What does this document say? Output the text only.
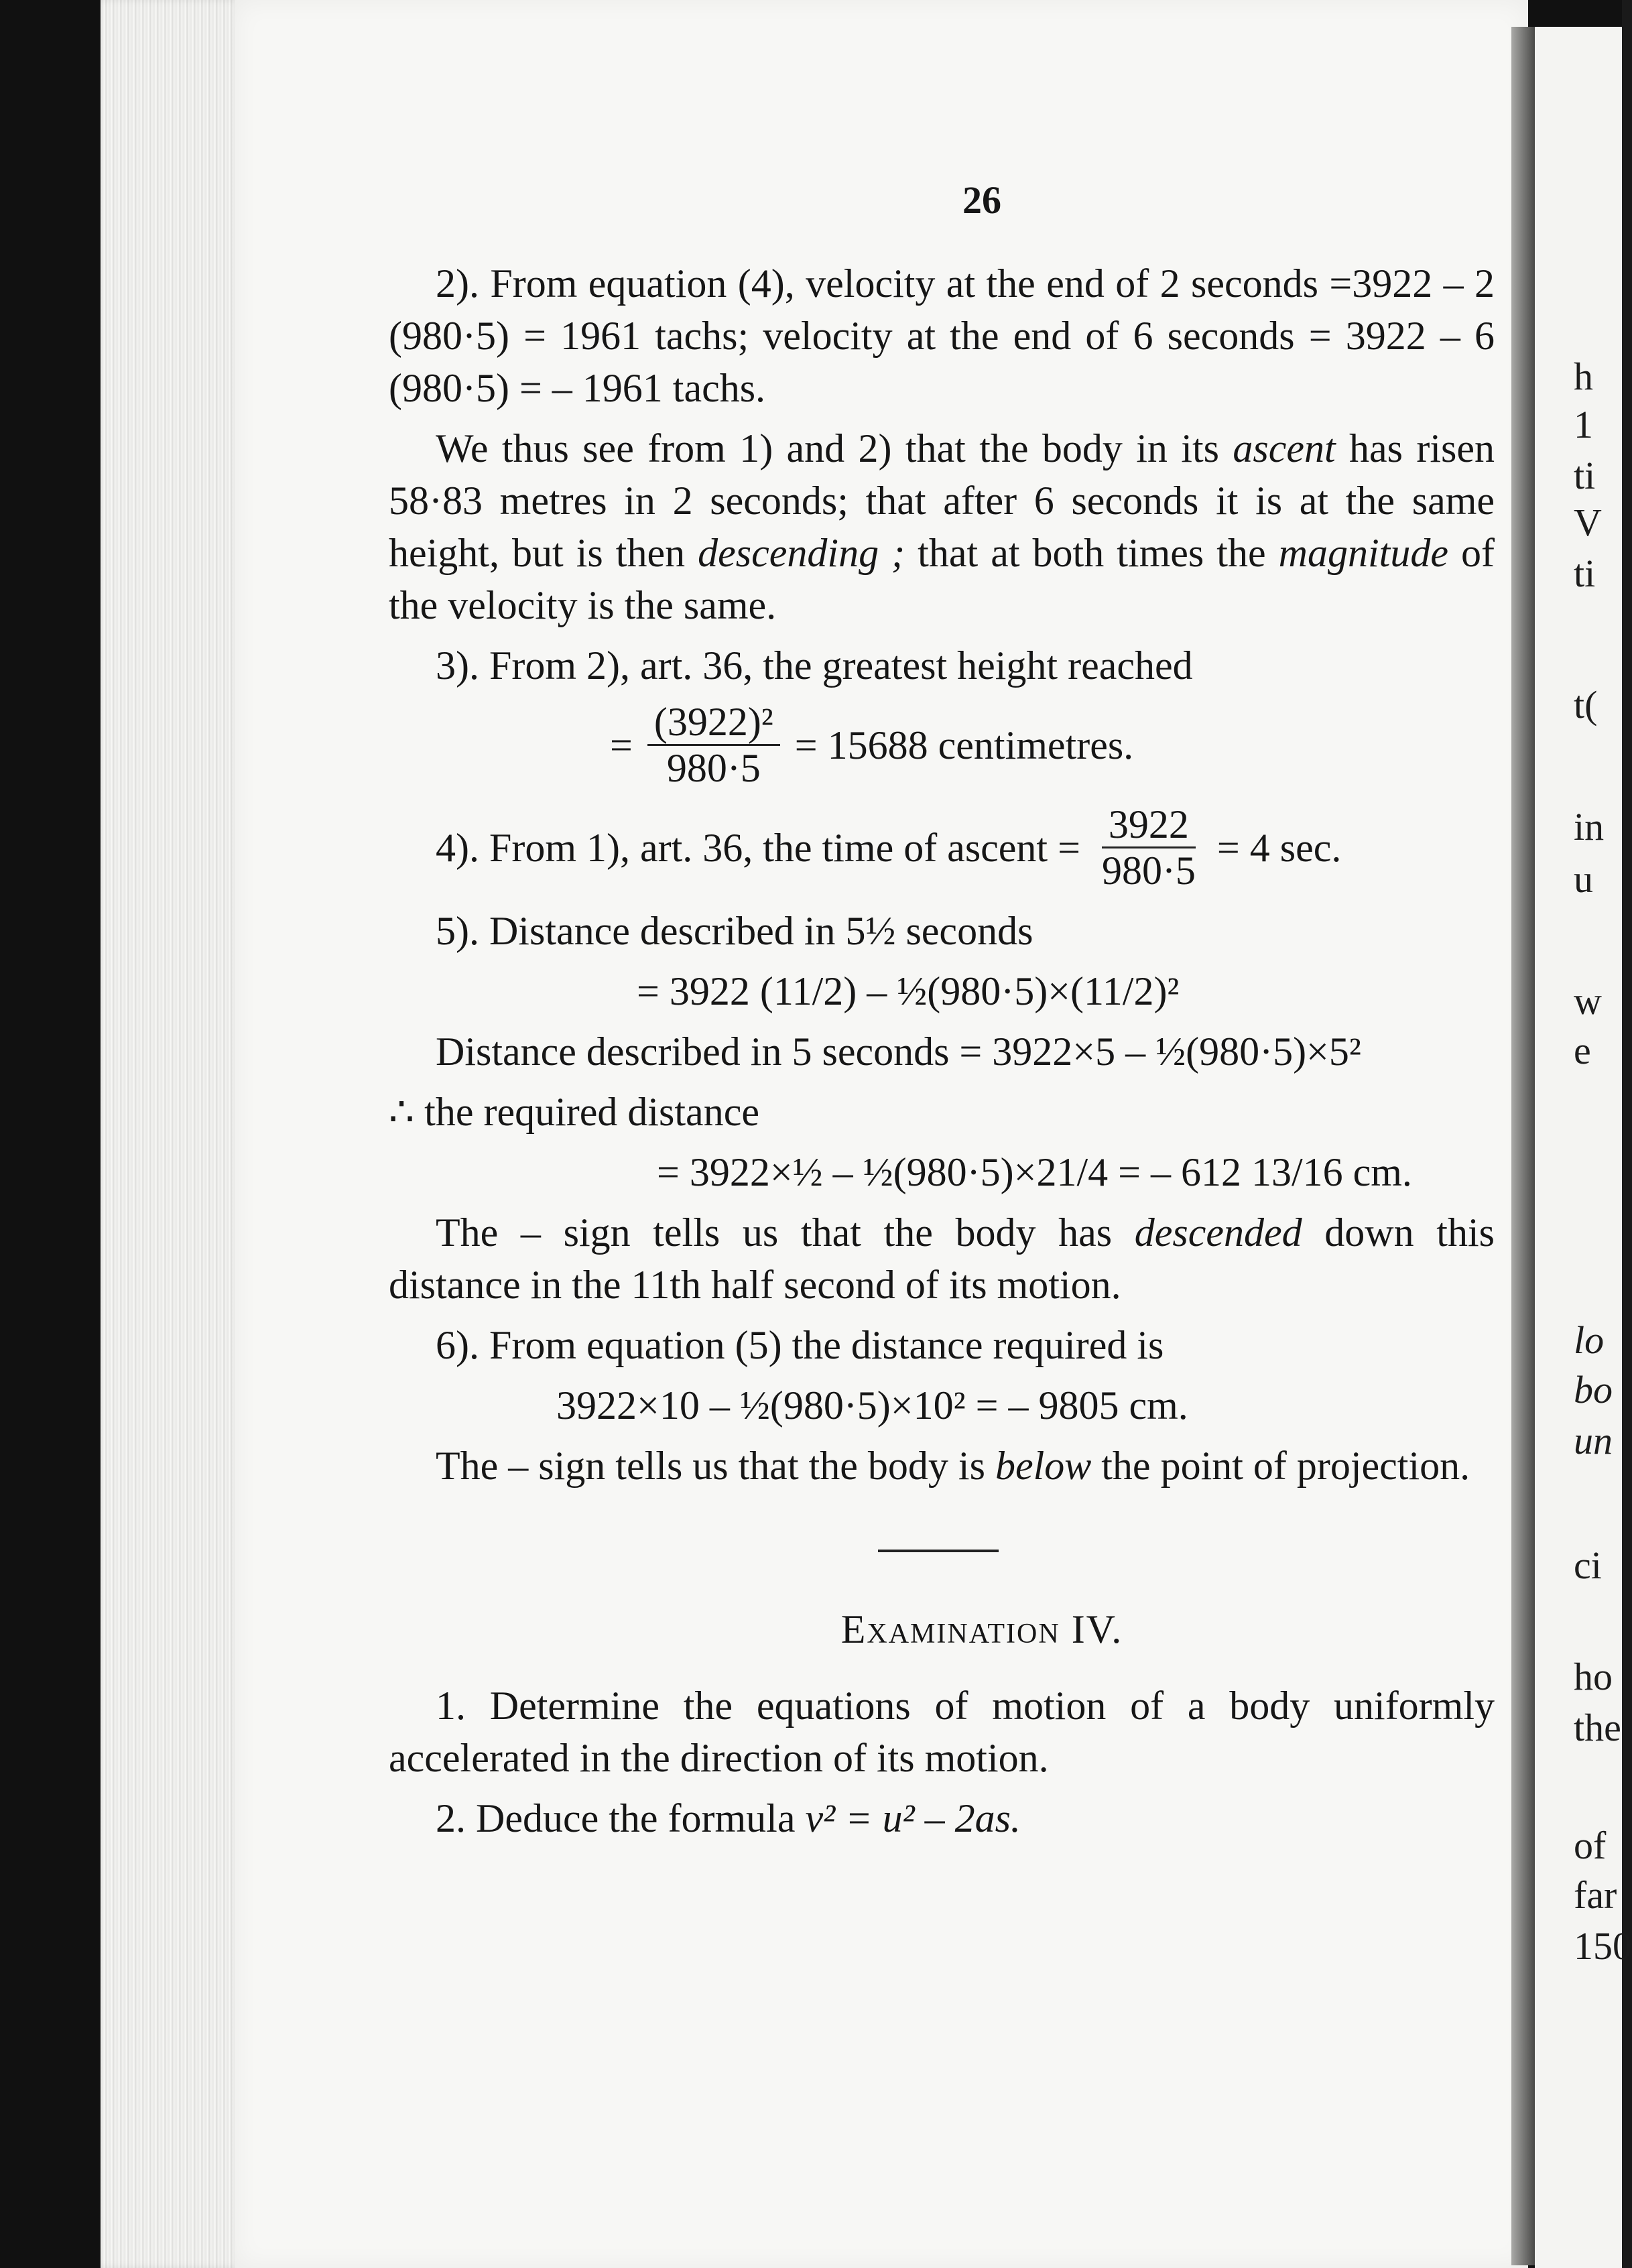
h
1
ti
V
ti
t(
in
u
w
e
lo
bo
un
ci
ho
the
of
far
150
26

2). From equation (4), velocity at the end of 2 seconds =3922 – 2 (980·5) = 1961 tachs; velocity at the end of 6 seconds = 3922 – 6 (980·5) = – 1961 tachs.

We thus see from 1) and 2) that the body in its ascent has risen 58·83 metres in 2 seconds; that after 6 seconds it is at the same height, but is then descending ; that at both times the magnitude of the velocity is the same.

3). From 2), art. 36, the greatest height reached

= $\frac{\text{(3922)²}}{980\cdot 5} = 15688$ centimetres.
4). From 1), art. 36, the time of ascent = $\frac{3922}{980\cdot 5} = 4$ sec.

5). Distance described in 5½ seconds

= 3922 (11/2) – ½(980·5)×(11/2)²

Distance described in 5 seconds = 3922×5 – ½(980·5)×5²

∴ the required distance

= 3922×½ – ½(980·5)×21/4 = – 612 13/16 cm.

The – sign tells us that the body has descended down this distance in the 11th half second of its motion.

6). From equation (5) the distance required is

3922×10 – ½(980·5)×10² = – 9805 cm.

The – sign tells us that the body is below the point of projection.

Examination IV.

1. Determine the equations of motion of a body uniformly accelerated in the direction of its motion.

2. Deduce the formula v² = u² – 2as.
